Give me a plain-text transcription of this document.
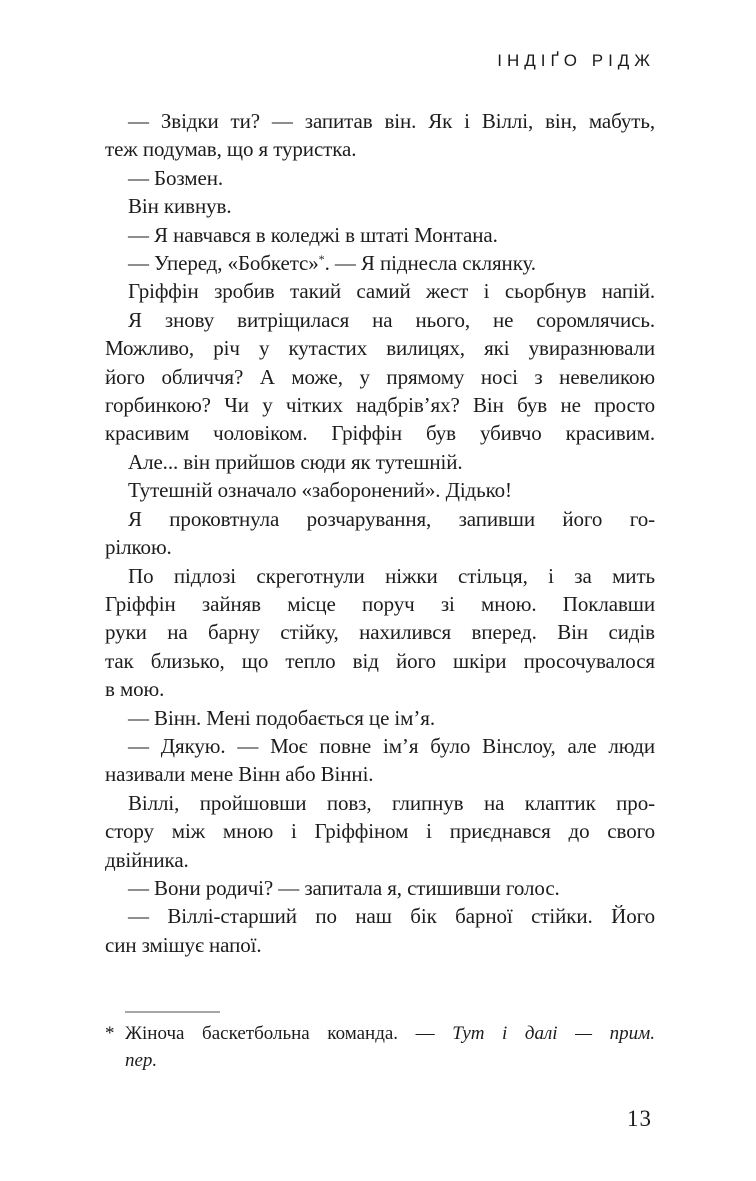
ІНДІҐО РІДЖ
— Звідки ти? — запитав він. Як і Віллі, він, мабуть,
теж подумав, що я туристка.
— Бозмен.
Він кивнув.
— Я навчався в коледжі в штаті Монтана.
— Уперед, «Бобкетс»*. — Я піднесла склянку.
Гріффін зробив такий самий жест і сьорбнув напій.
Я знову витріщилася на нього, не соромлячись.
Можливо, річ у кутастих вилицях, які увиразнювали
його обличчя? А може, у прямому носі з невеликою
горбинкою? Чи у чітких надбрів’ях? Він був не просто
красивим чоловіком. Гріффін був убивчо красивим.
Але... він прийшов сюди як тутешній.
Тутешній означало «заборонений». Дідько!
Я проковтнула розчарування, запивши його го-
рілкою.
По підлозі скреготнули ніжки стільця, і за мить
Гріффін зайняв місце поруч зі мною. Поклавши
руки на барну стійку, нахилився вперед. Він сидів
так близько, що тепло від його шкіри просочувалося
в мою.
— Вінн. Мені подобається це ім’я.
— Дякую. — Моє повне ім’я було Вінслоу, але люди
називали мене Вінн або Вінні.
Віллі, пройшовши повз, глипнув на клаптик про-
стору між мною і Гріффіном і приєднався до свого
двійника.
— Вони родичі? — запитала я, стишивши голос.
— Віллі-старший по наш бік барної стійки. Його
син змішує напої.
* Жіноча баскетбольна команда. — Тут і далі — прим.
пер.
13
